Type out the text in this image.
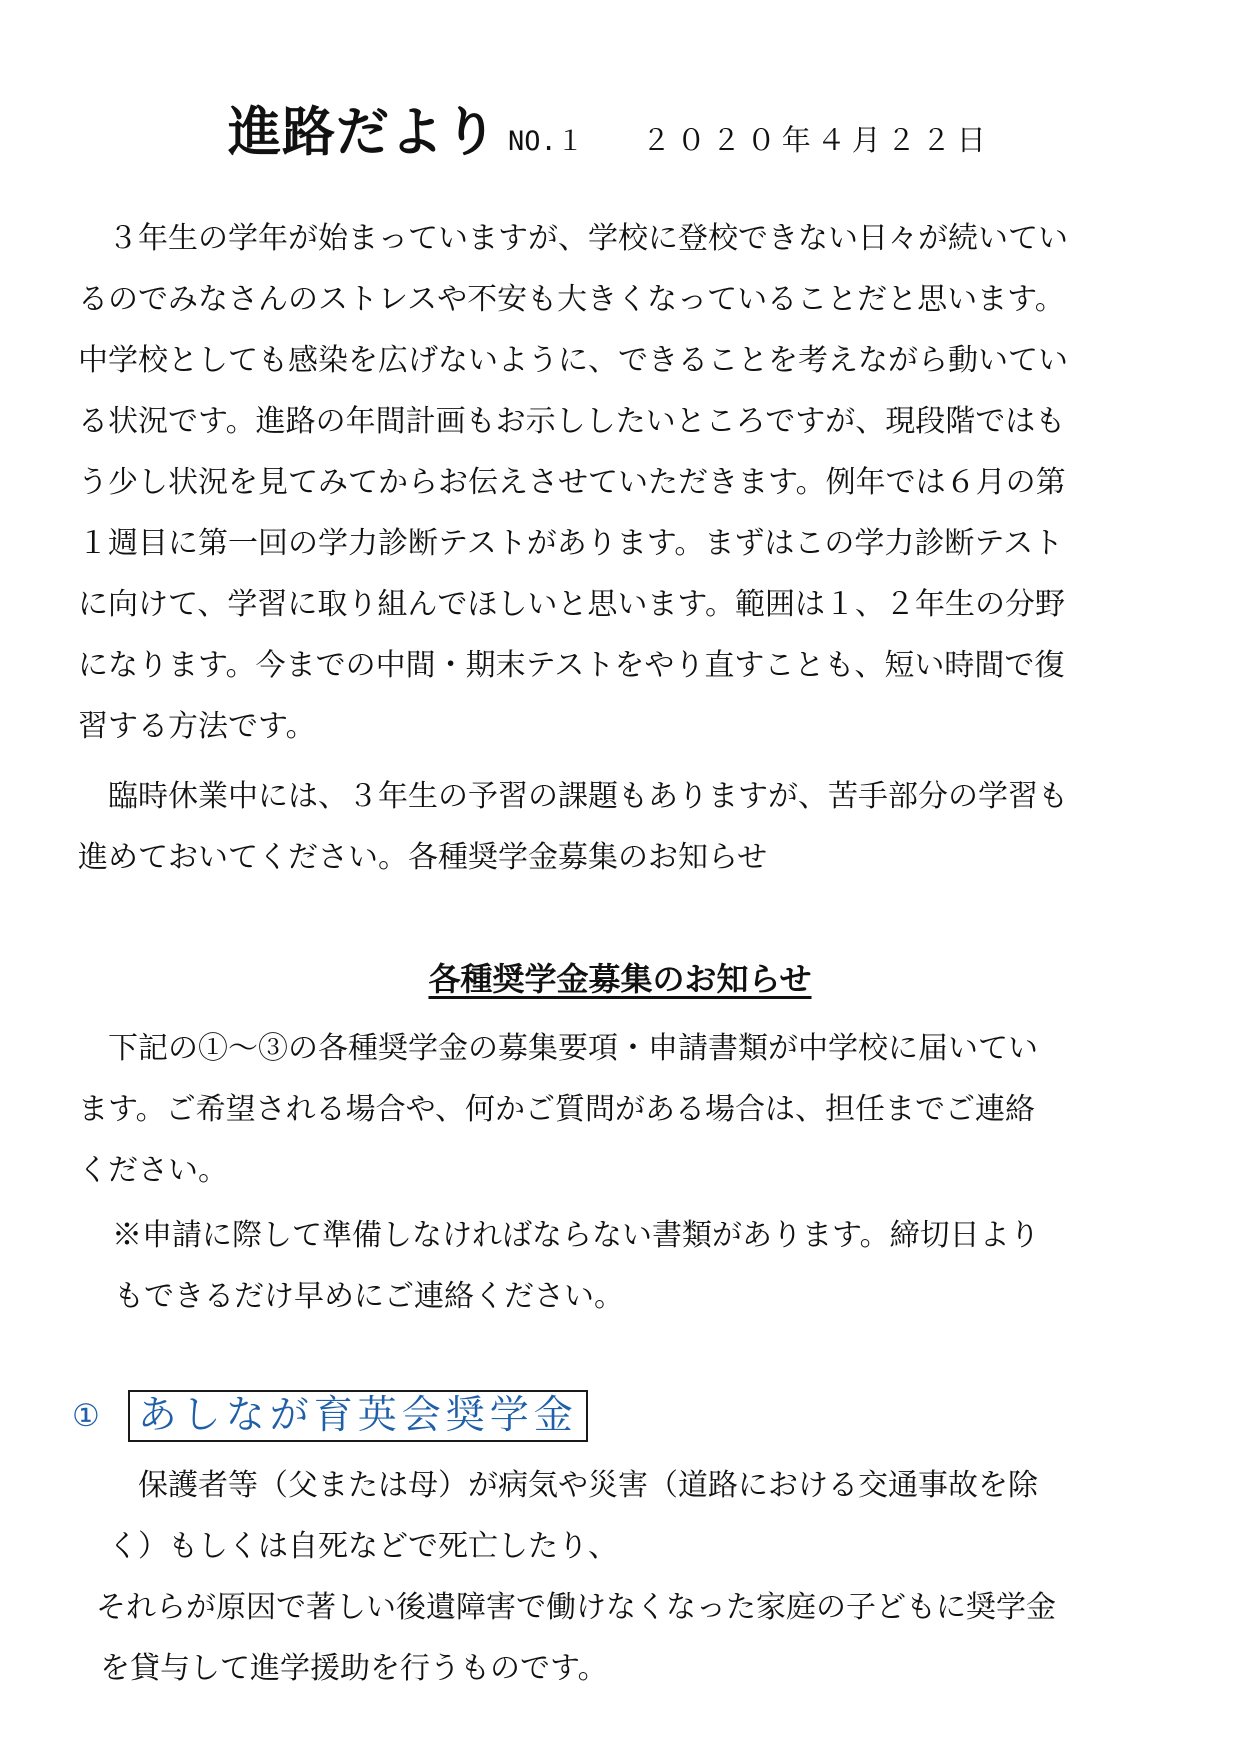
進路だより NO.１ ２０２０年４月２２日

３年生の学年が始まっていますが、学校に登校できない日々が続いてい

るのでみなさんのストレスや不安も大きくなっていることだと思います。

中学校としても感染を広げないように、できることを考えながら動いてい

る状況です。進路の年間計画もお示ししたいところですが、現段階ではも

う少し状況を見てみてからお伝えさせていただきます。例年では６月の第

１週目に第一回の学力診断テストがあります。まずはこの学力診断テスト

に向けて、学習に取り組んでほしいと思います。範囲は１、２年生の分野

になります。今までの中間・期末テストをやり直すことも、短い時間で復

習する方法です。

臨時休業中には、３年生の予習の課題もありますが、苦手部分の学習も

進めておいてください。各種奨学金募集のお知らせ

各種奨学金募集のお知らせ

下記の①～③の各種奨学金の募集要項・申請書類が中学校に届いてい

ます。ご希望される場合や、何かご質問がある場合は、担任までご連絡

ください。

※申請に際して準備しなければならない書類があります。締切日より

もできるだけ早めにご連絡ください。

① あしなが育英会奨学金
保護者等（父または母）が病気や災害（道路における交通事故を除
く）もしくは自死などで死亡したり、
それらが原因で著しい後遺障害で働けなくなった家庭の子どもに奨学金
を貸与して進学援助を行うものです。
